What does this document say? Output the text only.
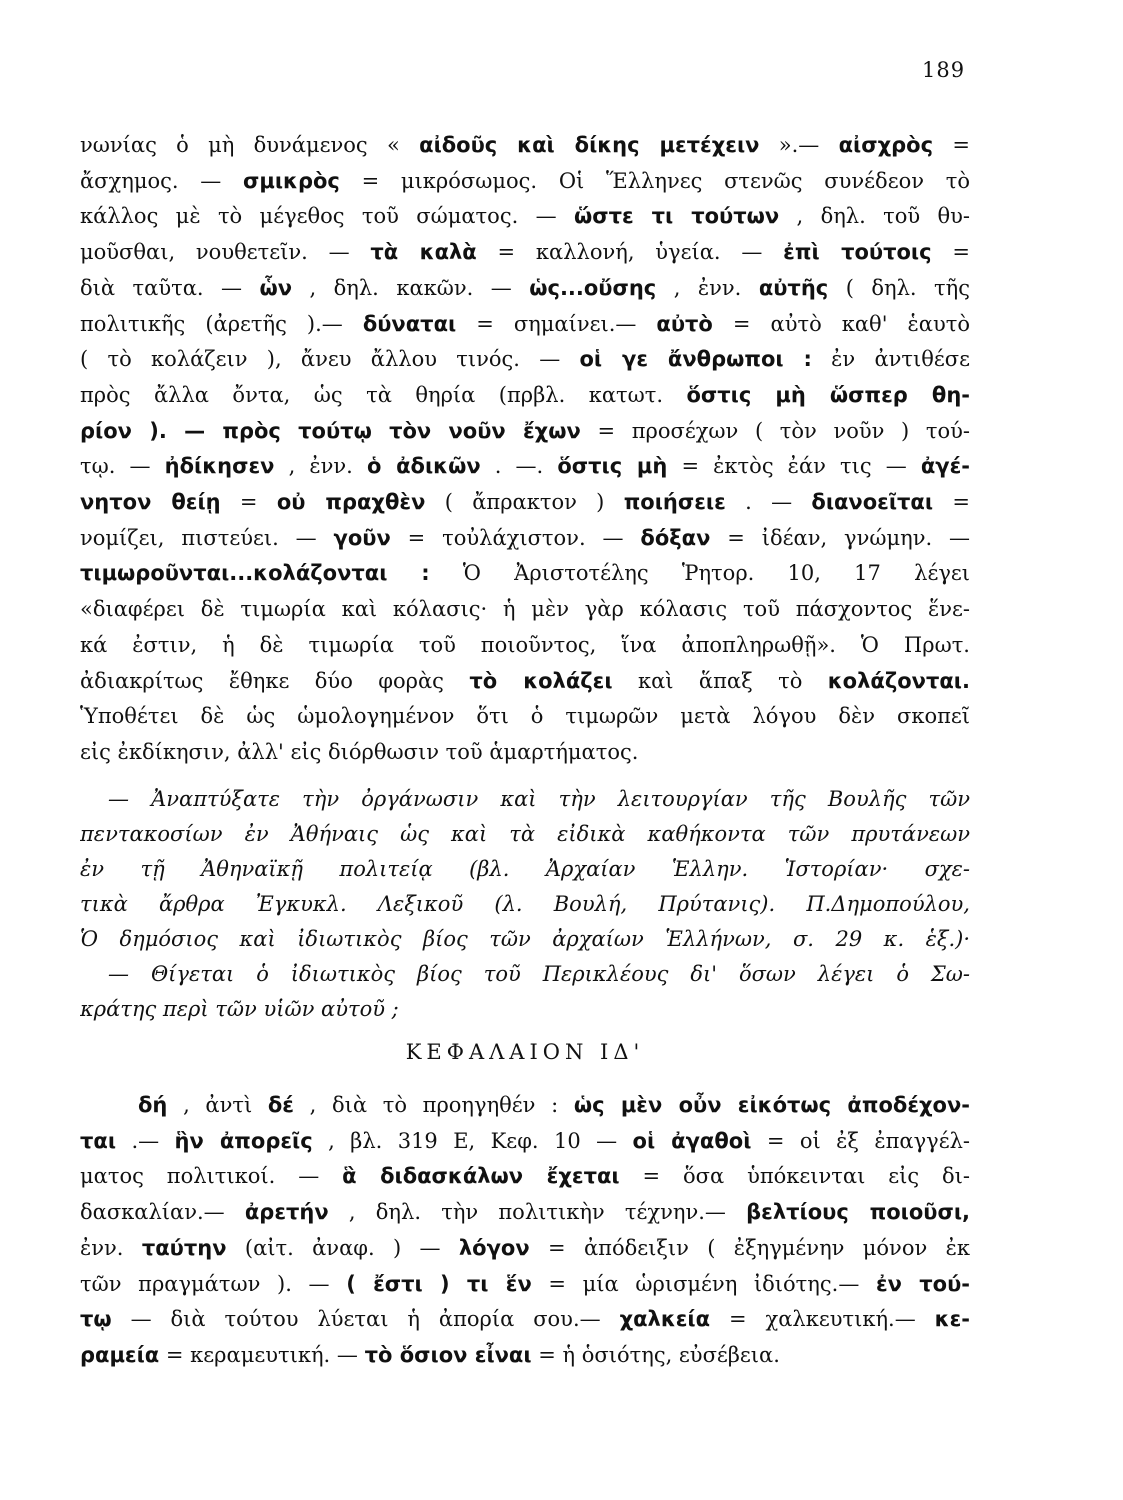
189
νωνίας ὁ μὴ δυνάμενος « αἰδοῦς καὶ δίκης μετέχειν ».— αἰσχρὸς =
ἄσχημος. — σμικρὸς = μικρόσωμος. Οἱ Ἕλληνες στενῶς συνέδεον τὸ
κάλλος μὲ τὸ μέγεθος τοῦ σώματος. — ὥστε τι τούτων , δηλ. τοῦ θυ-
μοῦσθαι, νουθετεῖν. — τὰ καλὰ = καλλονή, ὑγεία. — ἐπὶ τούτοις =
διὰ ταῦτα. — ὧν , δηλ. κακῶν. — ὡς...οὔσης , ἐνν. αὐτῆς ( δηλ. τῆς
πολιτικῆς (ἀρετῆς ).— δύναται = σημαίνει.— αὐτὸ = αὐτὸ καθ' ἑαυτὸ
( τὸ κολάζειν ), ἄνευ ἄλλου τινός. — οἱ γε ἄνθρωποι : ἐν ἀντιθέσε
πρὸς ἄλλα ὄντα, ὡς τὰ θηρία (πρβλ. κατωτ. ὅστις μὴ ὥσπερ θη-
ρίον ). — πρὸς τούτῳ τὸν νοῦν ἔχων = προσέχων ( τὸν νοῦν ) τού-
τῳ. — ἠδίκησεν , ἐνν. ὁ ἀδικῶν . —. ὅστις μὴ = ἐκτὸς ἐάν τις — ἀγέ-
νητον θείῃ = οὐ πραχθὲν ( ἄπρακτον ) ποιήσειε . — διανοεῖται =
νομίζει, πιστεύει. — γοῦν = τοὐλάχιστον. — δόξαν = ἰδέαν, γνώμην. —
τιμωροῦνται...κολάζονται : Ὁ Ἀριστοτέλης Ῥητορ. 10, 17 λέγει
«διαφέρει δὲ τιμωρία καὶ κόλασις· ἡ μὲν γὰρ κόλασις τοῦ πάσχοντος ἕνε-
κά ἐστιν, ἡ δὲ τιμωρία τοῦ ποιοῦντος, ἵνα ἀποπληρωθῇ». Ὁ Πρωτ.
ἀδιακρίτως ἔθηκε δύο φορὰς τὸ κολάζει καὶ ἅπαξ τὸ κολάζονται.
Ὑποθέτει δὲ ὡς ὡμολογημένον ὅτι ὁ τιμωρῶν μετὰ λόγου δὲν σκοπεῖ
εἰς ἐκδίκησιν, ἀλλ' εἰς διόρθωσιν τοῦ ἁμαρτήματος.
— Ἀναπτύξατε τὴν ὀργάνωσιν καὶ τὴν λειτουργίαν τῆς Βουλῆς τῶν
πεντακοσίων ἐν Ἀθήναις ὡς καὶ τὰ εἰδικὰ καθήκοντα τῶν πρυτάνεων
ἐν τῇ Ἀθηναϊκῇ πολιτείᾳ (βλ. Ἀρχαίαν Ἑλλην. Ἱστορίαν· σχε-
τικὰ ἄρθρα Ἐγκυκλ. Λεξικοῦ (λ. Βουλή, Πρύτανις). Π.Δημοπούλου,
Ὁ δημόσιος καὶ ἰδιωτικὸς βίος τῶν ἀρχαίων Ἑλλήνων, σ. 29 κ. ἑξ.)·
— Θίγεται ὁ ἰδιωτικὸς βίος τοῦ Περικλέους δι' ὅσων λέγει ὁ Σω-
κράτης περὶ τῶν υἱῶν αὐτοῦ ;
ΚΕΦΑΛΑΙΟΝ ΙΔ'
δή , ἀντὶ δέ , διὰ τὸ προηγηθέν : ὡς μὲν οὖν εἰκότως ἀποδέχον-
ται .— ἣν ἀπορεῖς , βλ. 319 Ε, Κεφ. 10 — οἱ ἀγαθοὶ = οἱ ἐξ ἐπαγγέλ-
ματος πολιτικοί. — ἃ διδασκάλων ἔχεται = ὅσα ὑπόκεινται εἰς δι-
δασκαλίαν.— ἀρετήν , δηλ. τὴν πολιτικὴν τέχνην.— βελτίους ποιοῦσι,
ἐνν. ταύτην (αἰτ. ἀναφ. ) — λόγον = ἀπόδειξιν ( ἐξηγμένην μόνον ἐκ
τῶν πραγμάτων ). — ( ἔστι ) τι ἕν = μία ὡρισμένη ἰδιότης.— ἐν τού-
τῳ — διὰ τούτου λύεται ἡ ἀπορία σου.— χαλκεία = χαλκευτική.— κε-
ραμεία = κεραμευτική. — τὸ ὅσιον εἶναι = ἡ ὁσιότης, εὐσέβεια.
